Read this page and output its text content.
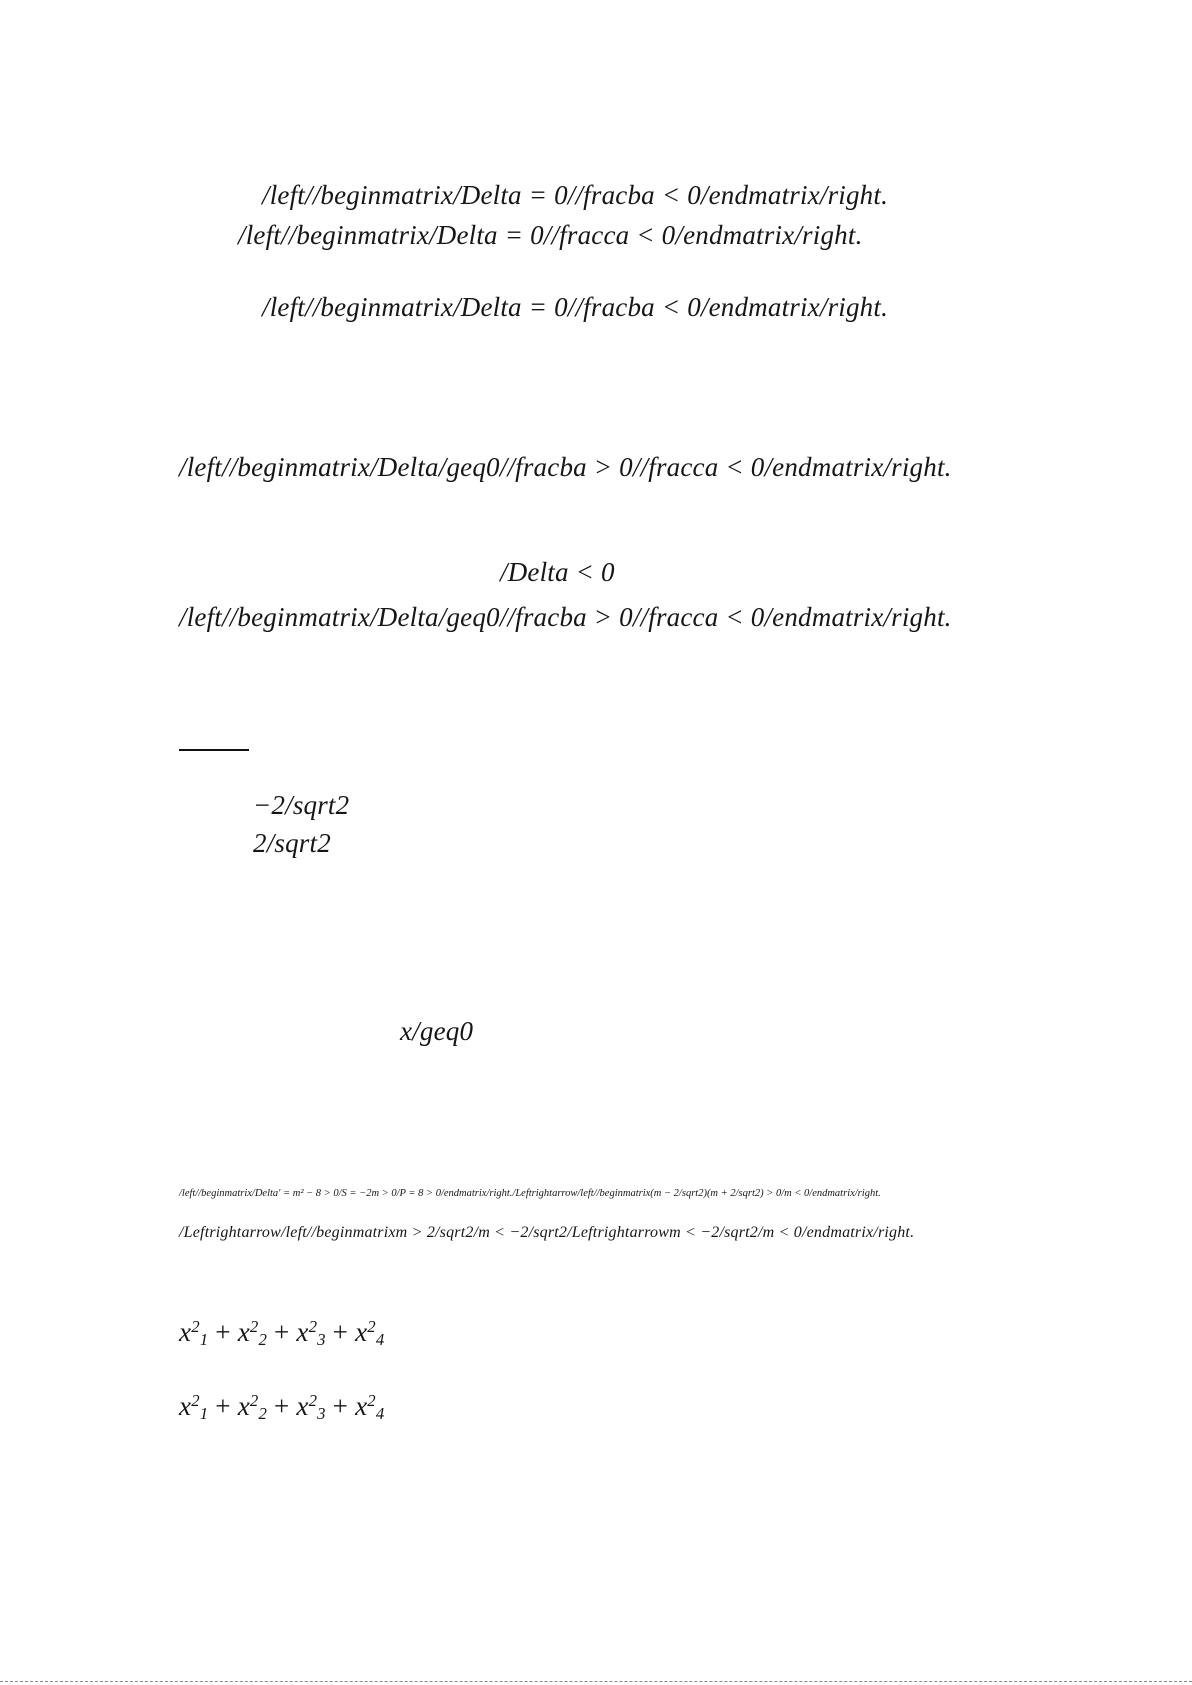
/left//beginmatrix/Delta = 0//fracba < 0/endmatrix/right.
/left//beginmatrix/Delta = 0//fracca < 0/endmatrix/right.
/left//beginmatrix/Delta = 0//fracba < 0/endmatrix/right.
/left//beginmatrix/Delta/geq0//fracba > 0//fracca < 0/endmatrix/right.
/Delta < 0
/left//beginmatrix/Delta/geq0//fracba > 0//fracca < 0/endmatrix/right.
−2/sqrt2
2/sqrt2
x/geq0
/left//beginmatrix/Delta' = m² − 8 > 0/S = −2m > 0/P = 8 > 0/endmatrix/right./Leftrightarrow/left//beginmatrix(m − 2/sqrt2)(m + 2/sqrt2) > 0/m < 0/endmatrix/right.
/Leftrightarrow/left//beginmatrixm > 2/sqrt2/m < −2/sqrt2/Leftrightarrowm < −2/sqrt2/m < 0/endmatrix/right.
$x^2_1 + x^2_2 + x^2_3 + x^2_4$
$x^2_1 + x^2_2 + x^2_3 + x^2_4$
